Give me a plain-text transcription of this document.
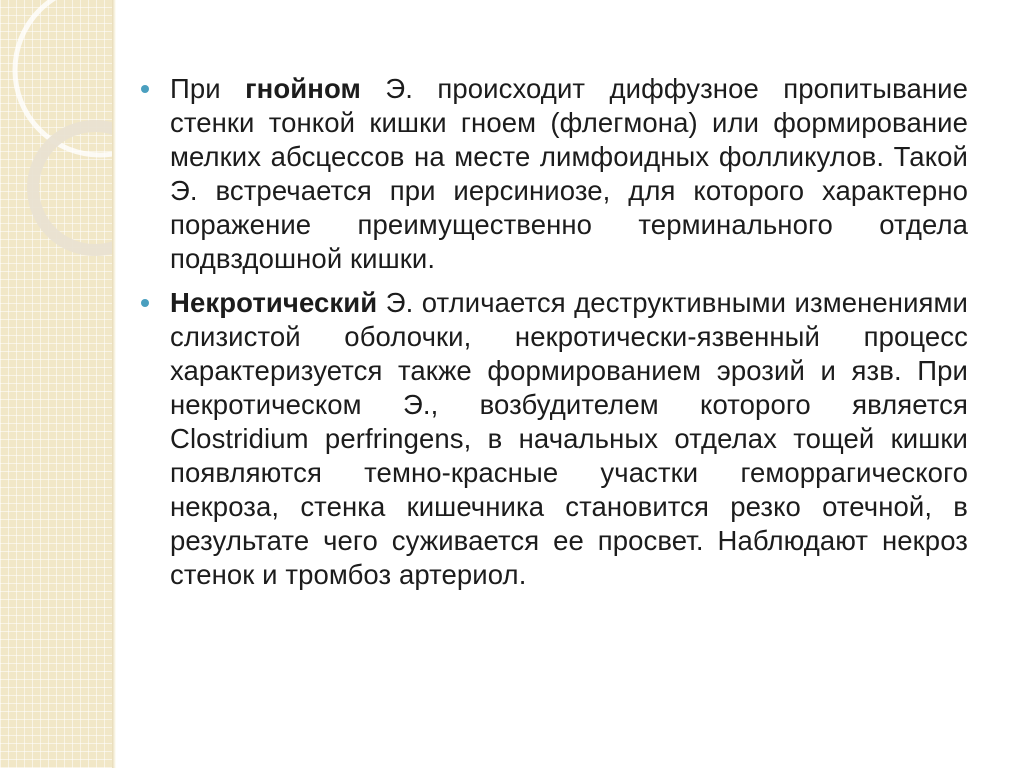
При гнойном Э. происходит диффузное пропитывание стенки тонкой кишки гноем (флегмона) или формирование мелких абсцессов на месте лимфоидных фолликулов. Такой Э. встречается при иерсиниозе, для которого характерно поражение преимущественно терминального отдела подвздошной кишки.
Некротический Э. отличается деструктивными изменениями слизистой оболочки, некротически-язвенный процесс характеризуется также формированием эрозий и язв. При некротическом Э., возбудителем которого является Clostridium perfringens, в начальных отделах тощей кишки появляются темно-красные участки геморрагического некроза, стенка кишечника становится резко отечной, в результате чего суживается ее просвет. Наблюдают некроз стенок и тромбоз артериол.
